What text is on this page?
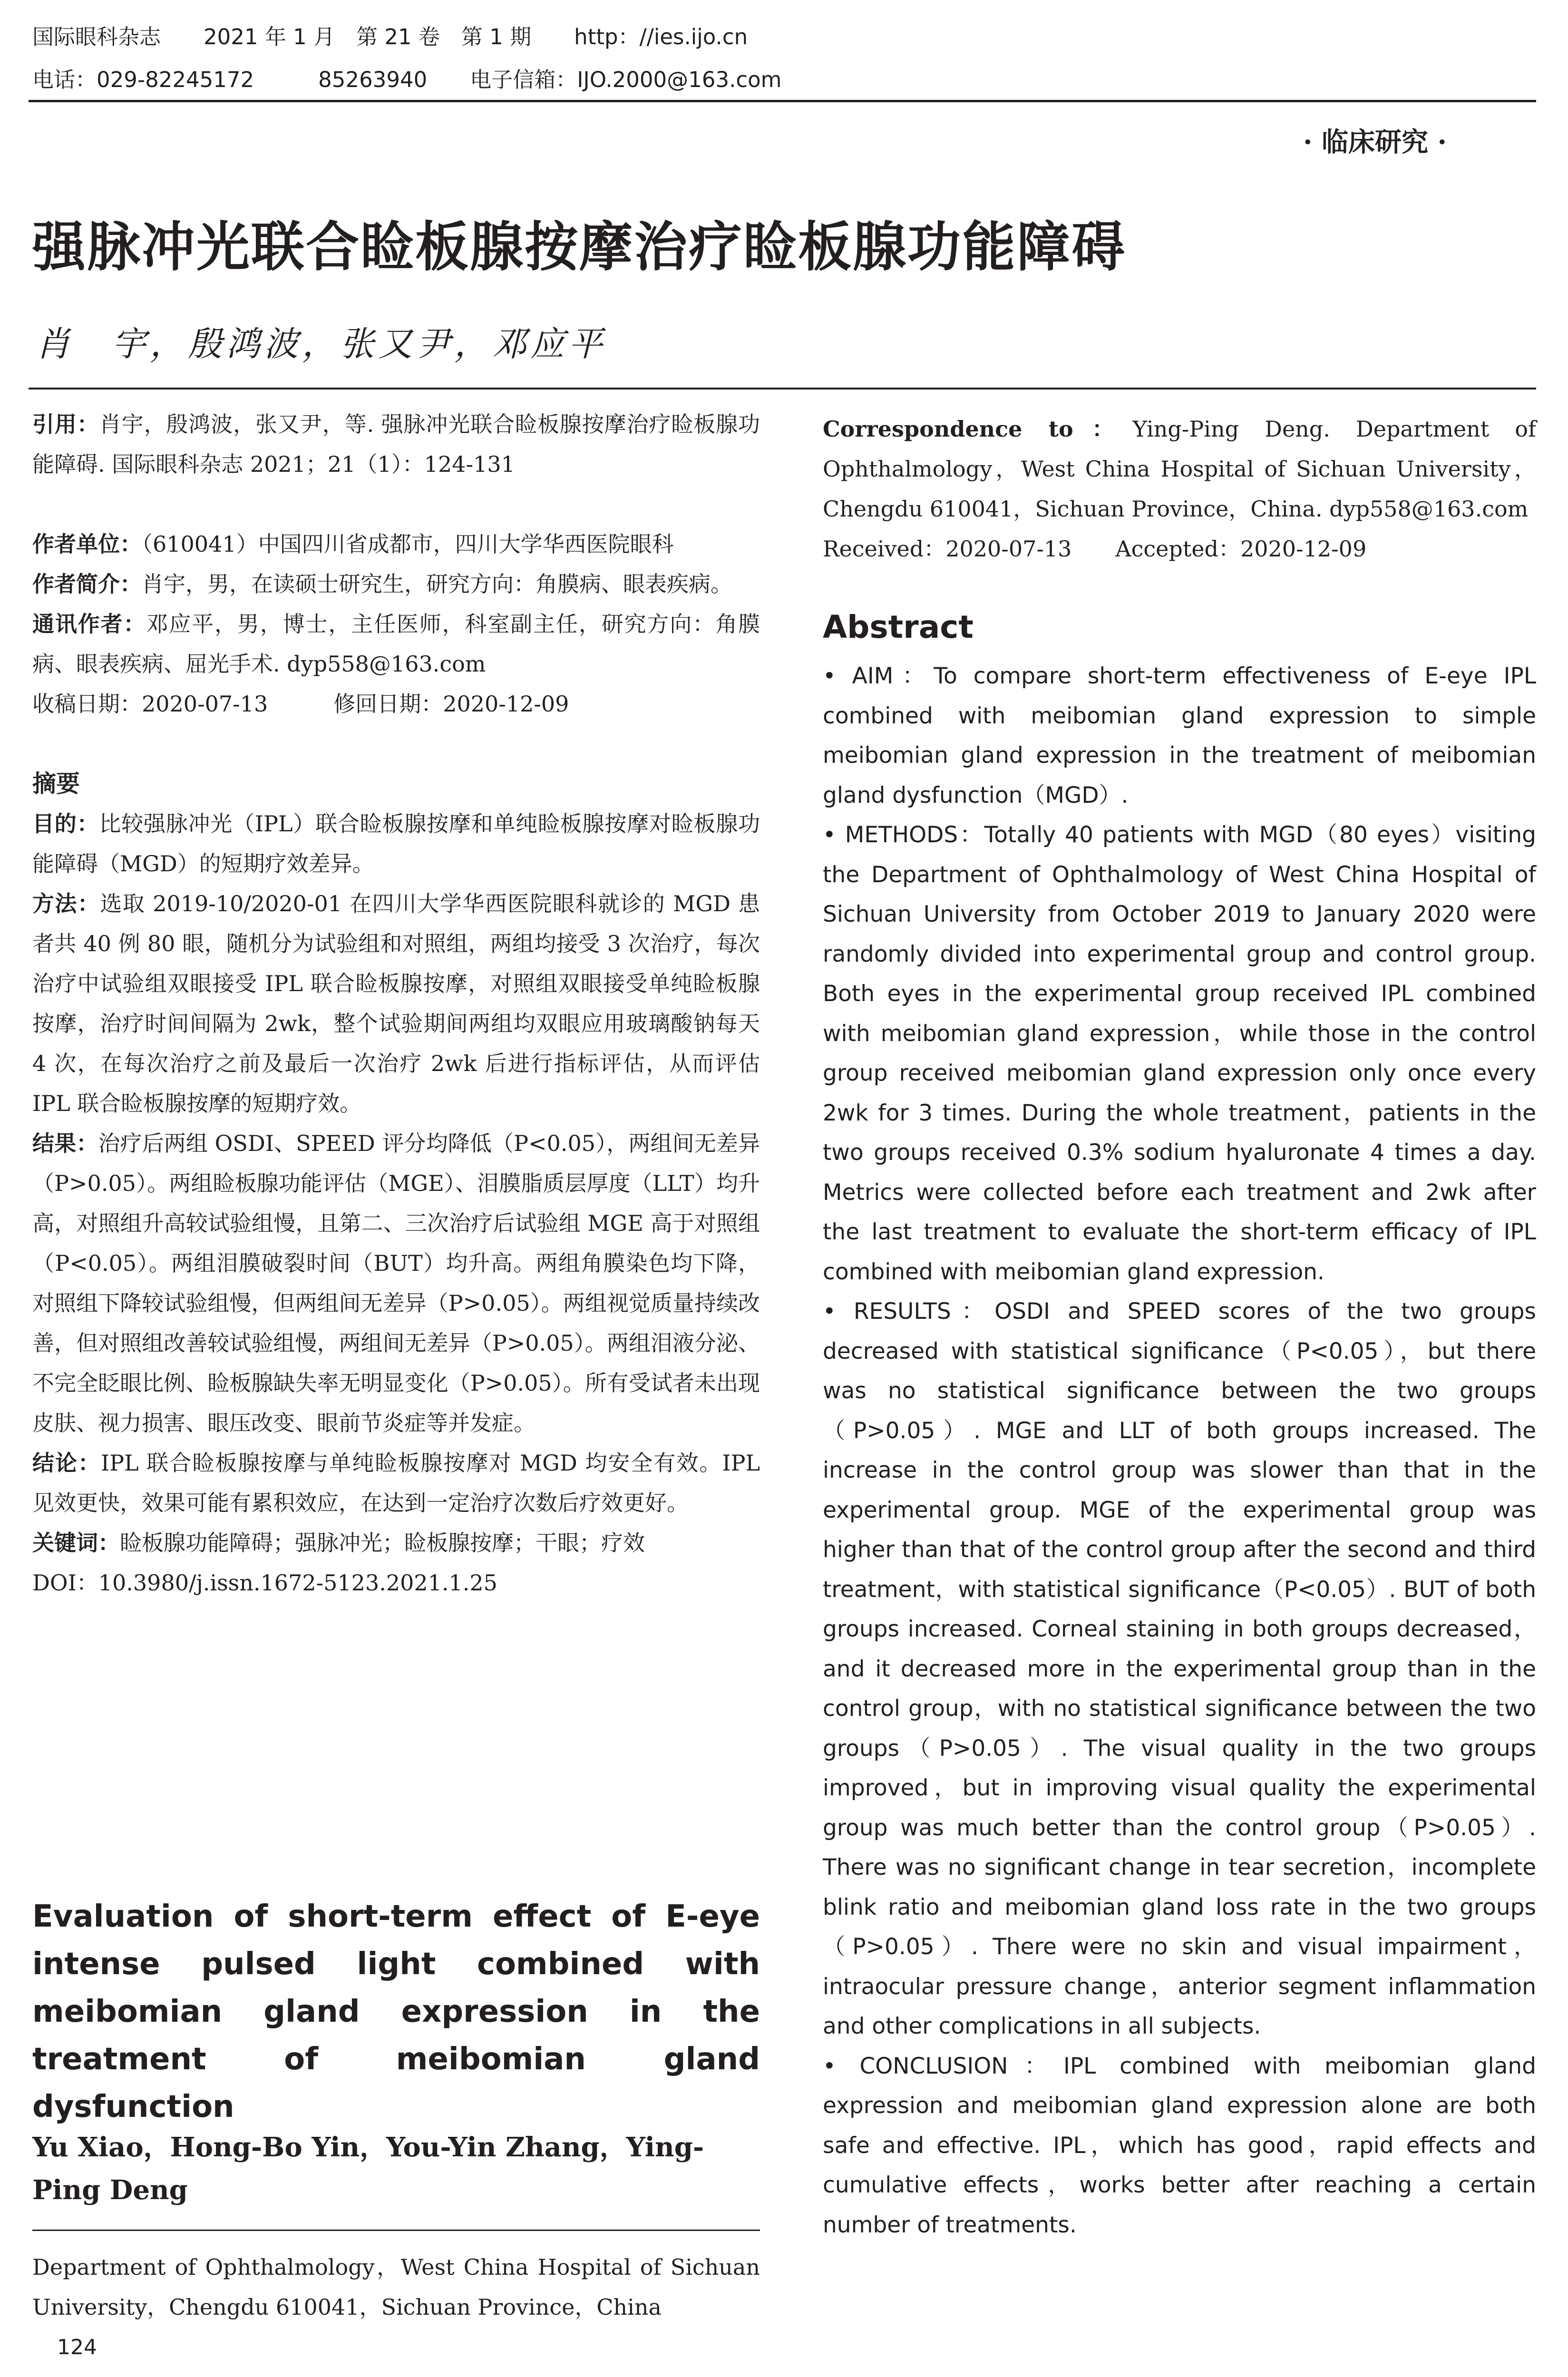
国际眼科杂志　　2021 年 1 月　第 21 卷　第 1 期　　http：//ies.ijo.cn
电话：029-82245172　　　85263940　　电子信箱：IJO.2000@163.com
· 临床研究 ·
强脉冲光联合睑板腺按摩治疗睑板腺功能障碍
肖　宇，殷鸿波，张又尹，邓应平

引用：肖宇，殷鸿波，张又尹，等. 强脉冲光联合睑板腺按摩治疗睑板腺功能障碍. 国际眼科杂志 2021；21（1）：124-131

作者单位：（610041）中国四川省成都市，四川大学华西医院眼科

作者简介：肖宇，男，在读硕士研究生，研究方向：角膜病、眼表疾病。

通讯作者：邓应平，男，博士，主任医师，科室副主任，研究方向：角膜病、眼表疾病、屈光手术. dyp558@163.com

收稿日期：2020-07-13　　　修回日期：2020-12-09

摘要

目的：比较强脉冲光（IPL）联合睑板腺按摩和单纯睑板腺按摩对睑板腺功能障碍（MGD）的短期疗效差异。

方法：选取 2019-10/2020-01 在四川大学华西医院眼科就诊的 MGD 患者共 40 例 80 眼，随机分为试验组和对照组，两组均接受 3 次治疗，每次治疗中试验组双眼接受 IPL 联合睑板腺按摩，对照组双眼接受单纯睑板腺按摩，治疗时间间隔为 2wk，整个试验期间两组均双眼应用玻璃酸钠每天 4 次，在每次治疗之前及最后一次治疗 2wk 后进行指标评估，从而评估 IPL 联合睑板腺按摩的短期疗效。

结果：治疗后两组 OSDI、SPEED 评分均降低（P<0.05），两组间无差异（P>0.05）。两组睑板腺功能评估（MGE）、泪膜脂质层厚度（LLT）均升高，对照组升高较试验组慢，且第二、三次治疗后试验组 MGE 高于对照组（P<0.05）。两组泪膜破裂时间（BUT）均升高。两组角膜染色均下降，对照组下降较试验组慢，但两组间无差异（P>0.05）。两组视觉质量持续改善，但对照组改善较试验组慢，两组间无差异（P>0.05）。两组泪液分泌、不完全眨眼比例、睑板腺缺失率无明显变化（P>0.05）。所有受试者未出现皮肤、视力损害、眼压改变、眼前节炎症等并发症。

结论：IPL 联合睑板腺按摩与单纯睑板腺按摩对 MGD 均安全有效。IPL 见效更快，效果可能有累积效应，在达到一定治疗次数后疗效更好。

关键词：睑板腺功能障碍；强脉冲光；睑板腺按摩；干眼；疗效

DOI：10.3980/j.issn.1672-5123.2021.1.25

Evaluation of short-term effect of E-eye intense pulsed light combined with meibomian gland expression in the treatment of meibomian gland dysfunction
Yu Xiao，Hong-Bo Yin，You-Yin Zhang，Ying-Ping Deng
Department of Ophthalmology，West China Hospital of Sichuan University，Chengdu 610041，Sichuan Province，China
124
Correspondence to：Ying-Ping Deng. Department of Ophthalmology，West China Hospital of Sichuan University，Chengdu 610041，Sichuan Province，China. dyp558@163.com
Received：2020-07-13　　Accepted：2020-12-09
Abstract

• AIM：To compare short-term effectiveness of E-eye IPL combined with meibomian gland expression to simple meibomian gland expression in the treatment of meibomian gland dysfunction（MGD）.

• METHODS：Totally 40 patients with MGD（80 eyes）visiting the Department of Ophthalmology of West China Hospital of Sichuan University from October 2019 to January 2020 were randomly divided into experimental group and control group. Both eyes in the experimental group received IPL combined with meibomian gland expression，while those in the control group received meibomian gland expression only once every 2wk for 3 times. During the whole treatment，patients in the two groups received 0.3% sodium hyaluronate 4 times a day. Metrics were collected before each treatment and 2wk after the last treatment to evaluate the short-term efficacy of IPL combined with meibomian gland expression.

• RESULTS：OSDI and SPEED scores of the two groups decreased with statistical significance（P<0.05），but there was no statistical significance between the two groups（P>0.05）. MGE and LLT of both groups increased. The increase in the control group was slower than that in the experimental group. MGE of the experimental group was higher than that of the control group after the second and third treatment，with statistical significance（P<0.05）. BUT of both groups increased. Corneal staining in both groups decreased，and it decreased more in the experimental group than in the control group，with no statistical significance between the two groups（P>0.05）. The visual quality in the two groups improved，but in improving visual quality the experimental group was much better than the control group（P>0.05）. There was no significant change in tear secretion，incomplete blink ratio and meibomian gland loss rate in the two groups（P>0.05）. There were no skin and visual impairment，intraocular pressure change，anterior segment inflammation and other complications in all subjects.

• CONCLUSION：IPL combined with meibomian gland expression and meibomian gland expression alone are both safe and effective. IPL，which has good，rapid effects and cumulative effects，works better after reaching a certain number of treatments.
